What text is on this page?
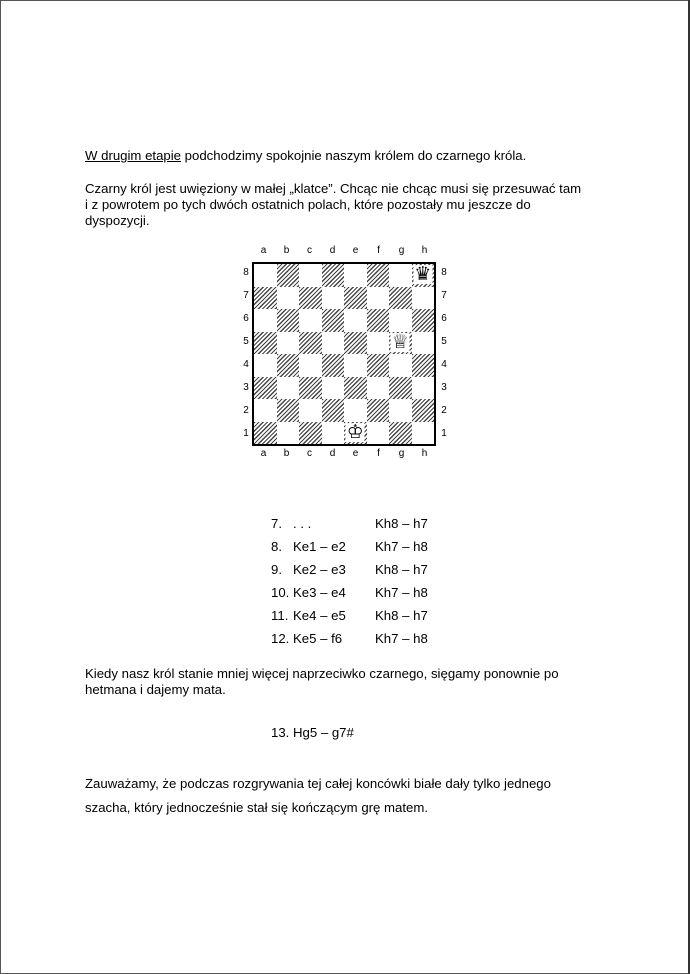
W drugim etapie podchodzimy spokojnie naszym królem do czarnego króla.
Czarny król jest uwięziony w małej „klatce”. Chcąc nie chcąc musi się przesuwać tam
i z powrotem po tych dwóch ostatnich polach, które pozostały mu jeszcze do
dyspozycji.
♛
♕
♔
a
a
b
b
c
c
d
d
e
e
f
f
g
g
h
h
8	8
7	7
6	6
5	5
4	4
3	3
2	2
1	1
7. . . .	Kh8 – h7
8. Ke1 – e2 Kh7 – h8
9. Ke2 – e3 Kh8 – h7
10. Ke3 – e4 Kh7 – h8
11. Ke4 – e5 Kh8 – h7
12. Ke5 – f6 Kh7 – h8
Kiedy nasz król stanie mniej więcej naprzeciwko czarnego, sięgamy ponownie po
hetmana i dajemy mata.
13. Hg5 – g7#
Zauważamy, że podczas rozgrywania tej całej koncówki białe dały tylko jednego
szacha, który jednocześnie stał się kończącym grę matem.
